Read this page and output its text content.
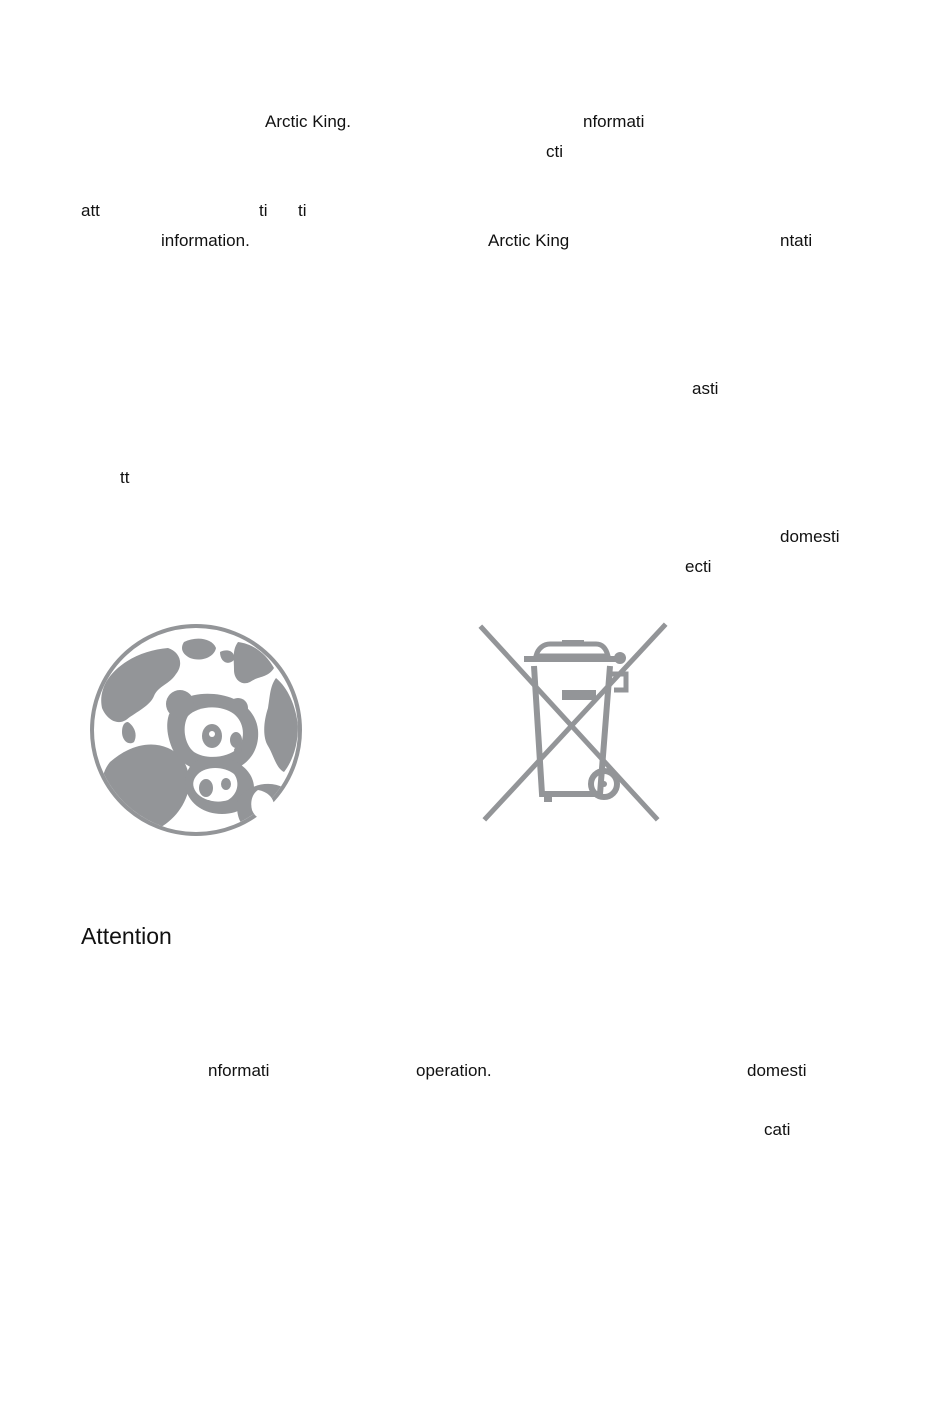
Arctic King.	nformati
cti
att	ti ti
information.	Arctic King	ntati
asti
tt
domesti
ecti
Attention
nformati	operation.	domesti
cati
